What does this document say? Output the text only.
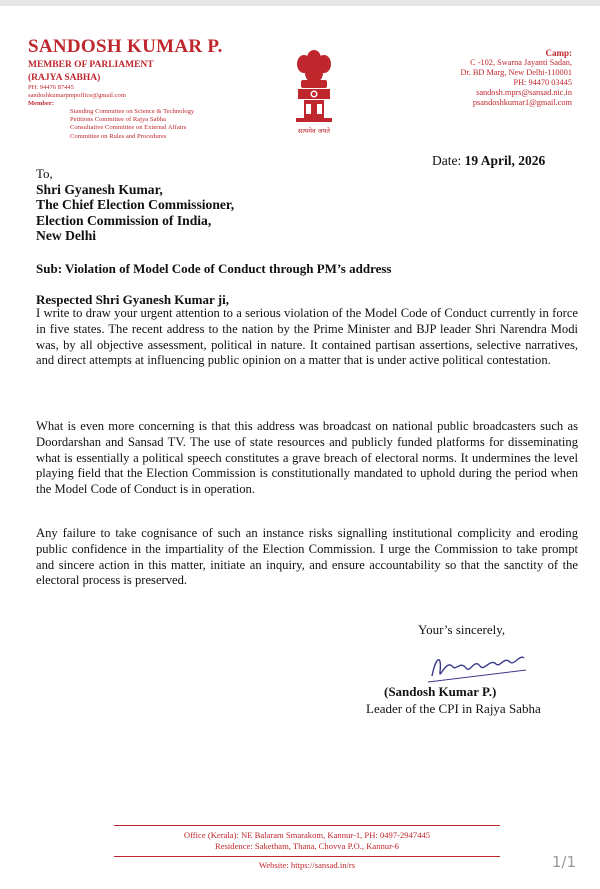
SANDOSH KUMAR P.
MEMBER OF PARLIAMENT
(RAJYA SABHA)
PH: 94476 87445
sandoshkumarpmpoffice@gmail.com
Member:
Standing Committee on Science & Technology
Petitions Committee of Rajya Sabha
Consultative Committee on External Affairs
Committee on Rules and Procedures
सत्यमेव जयते
Camp:
C -102, Swarna Jayanti Sadan,
Dr. BD Marg, New Delhi-110001
PH: 94470 03445
sandosh.mprs@sansad.nic.in
psandoshkumar1@gmail.com
Date: 19 April, 2026
To,
Shri Gyanesh Kumar,
The Chief Election Commissioner,
Election Commission of India,
New Delhi
Sub: Violation of Model Code of Conduct through PM’s address
Respected Shri Gyanesh Kumar ji,
I write to draw your urgent attention to a serious violation of the Model Code of Conduct currently in force in five states. The recent address to the nation by the Prime Minister and BJP leader Shri Narendra Modi was, by all objective assessment, political in nature. It contained partisan assertions, selective narratives, and direct attempts at influencing public opinion on a matter that is under active political contestation.
What is even more concerning is that this address was broadcast on national public broadcasters such as Doordarshan and Sansad TV. The use of state resources and publicly funded platforms for disseminating what is essentially a political speech constitutes a grave breach of electoral norms. It undermines the level playing field that the Election Commission is constitutionally mandated to uphold during the period when the Model Code of Conduct is in operation.
Any failure to take cognisance of such an instance risks signalling institutional complicity and eroding public confidence in the impartiality of the Election Commission. I urge the Commission to take prompt and sincere action in this matter, initiate an inquiry, and ensure accountability so that the sanctity of the electoral process is preserved.
Your’s sincerely,
(Sandosh Kumar P.)
Leader of the CPI in Rajya Sabha
Office (Kerala): NE Balaram Smarakom, Kannur-1, PH: 0497-2947445
Residence: Saketham, Thana, Chovva P.O., Kannur-6
Website: https://sansad.in/rs	1/1
